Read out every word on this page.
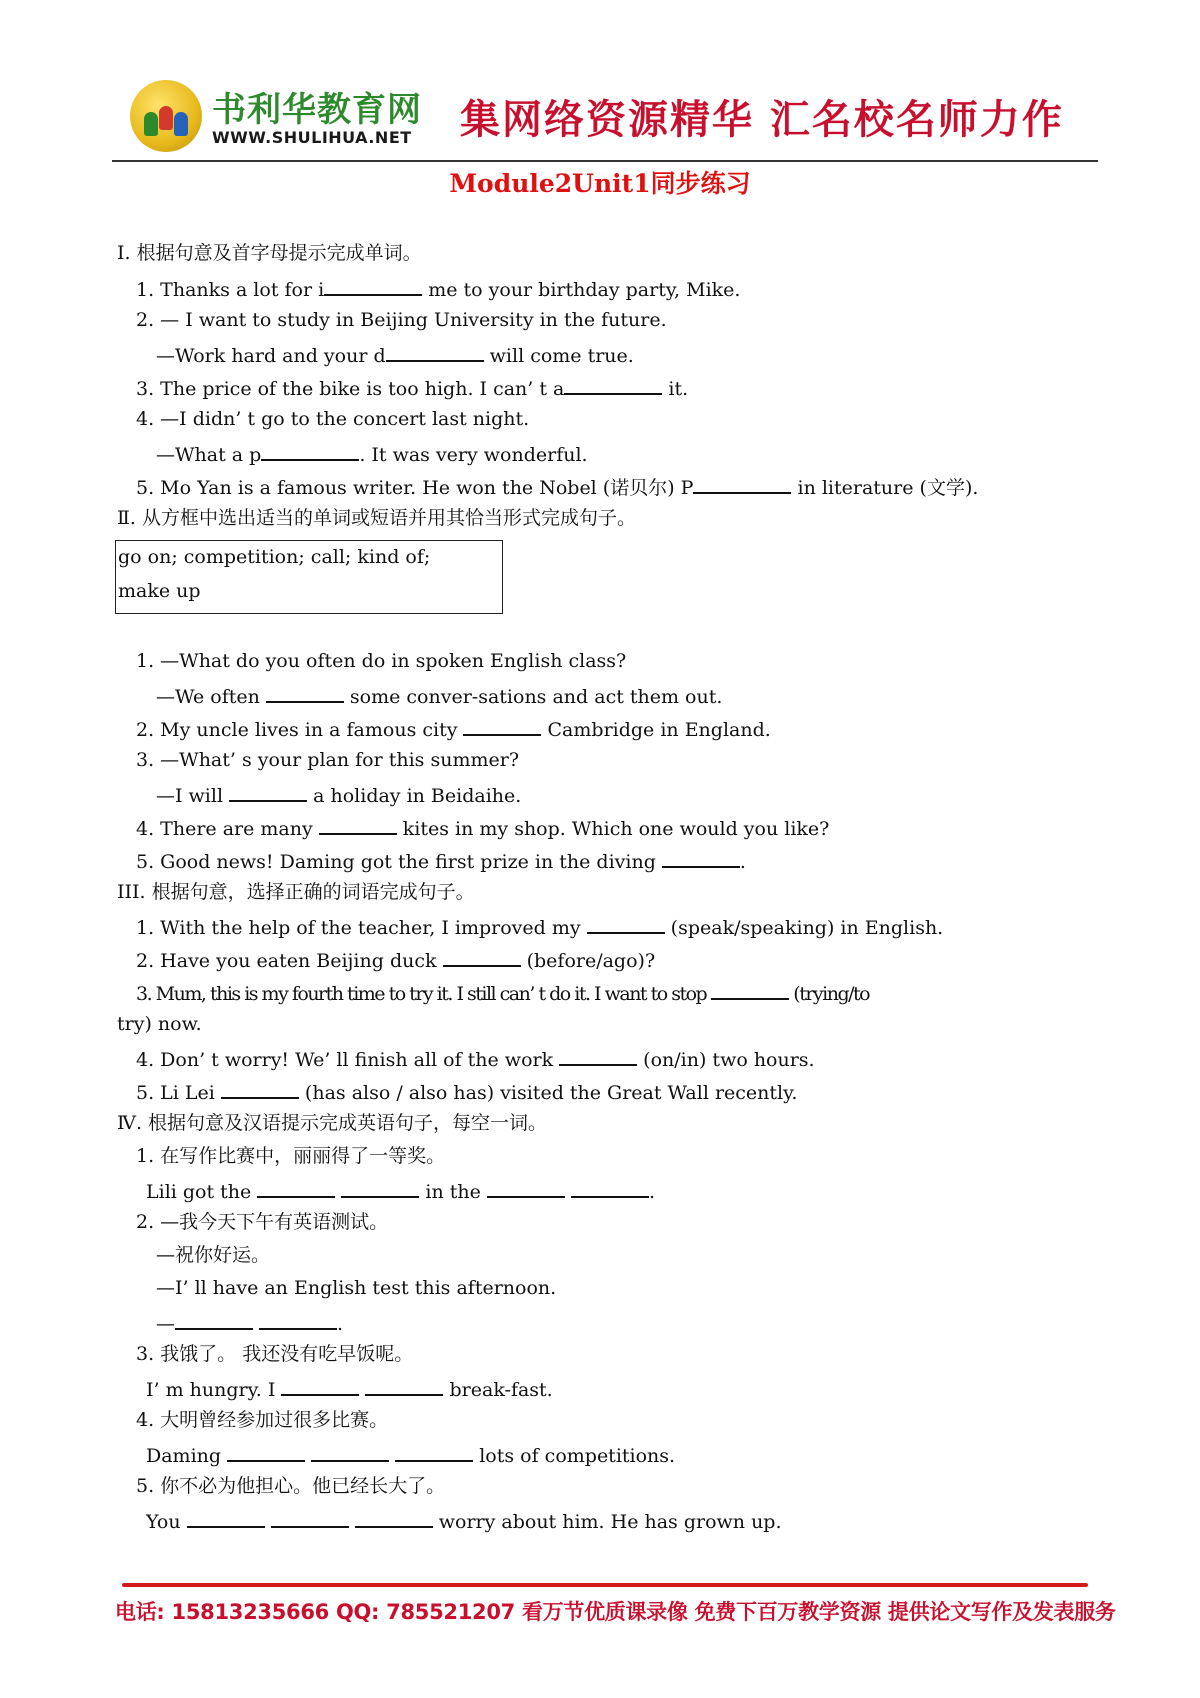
书利华教育网
WWW.SHULIHUA.NET 集网络资源精华 汇名校名师力作
Module2Unit1同步练习
Ⅰ. 根据句意及首字母提示完成单词。
1. Thanks a lot for i	me to your birthday party, Mike.
2. — I want to study in Beijing University in the future.
—Work hard and your d	will come true.
3. The price of the bike is too high. I can’ t a	it.
4. —I didn’ t go to the concert last night.
—What a p	. It was very wonderful.
5. Mo Yan is a famous writer. He won the Nobel (诺贝尔) P	in literature (文学).
Ⅱ. 从方框中选出适当的单词或短语并用其恰当形式完成句子。
go on; competition; call; kind of;
make up
1. —What do you often do in spoken English class?
—We often	some conver-sations and act them out.
2. My uncle lives in a famous city	Cambridge in England.
3. —What’ s your plan for this summer?
—I will	a holiday in Beidaihe.
4. There are many	kites in my shop. Which one would you like?
5. Good news! Daming got the first prize in the diving	.
III. 根据句意，选择正确的词语完成句子。
1. With the help of the teacher, I improved my	(speak/speaking) in English.
2. Have you eaten Beijing duck	(before/ago)?
3. Mum, this is my fourth time to try it. I still can’ t do it. I want to stop	(trying/to
try) now.
4. Don’ t worry! We’ ll finish all of the work	(on/in) two hours.
5. Li Lei	(has also / also has) visited the Great Wall recently.
Ⅳ. 根据句意及汉语提示完成英语句子，每空一词。
1. 在写作比赛中，丽丽得了一等奖。
Lili got the	in the	.
2. —我今天下午有英语测试。
—祝你好运。
—I’ ll have an English test this afternoon.
—	.
3. 我饿了。 我还没有吃早饭呢。
I’ m hungry. I	break-fast.
4. 大明曾经参加过很多比赛。
Daming	lots of competitions.
5. 你不必为他担心。他已经长大了。
You	worry about him. He has grown up.
电话: 15813235666 QQ: 785521207 看万节优质课录像 免费下百万教学资源 提供论文写作及发表服务
